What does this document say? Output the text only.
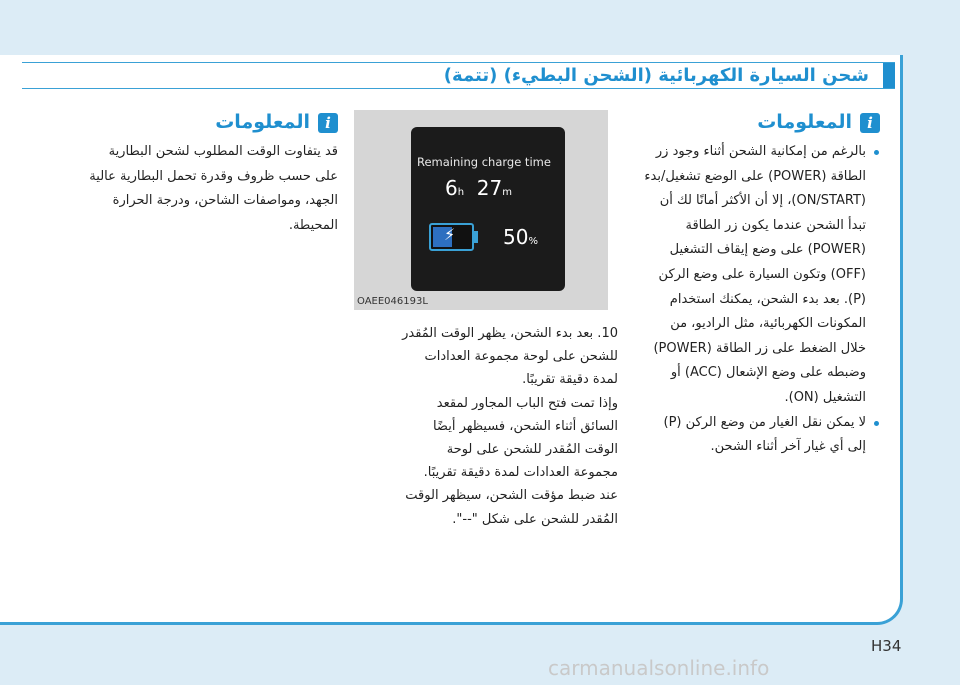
شحن السيارة الكهربائية (الشحن البطيء) (تتمة)
i
المعلومات
بالرغم من إمكانية الشحن أثناء وجود زر الطاقة (POWER) على الوضع تشغيل/بدء (ON/START)، إلا أن الأكثر أمانًا لك أن تبدأ الشحن عندما يكون زر الطاقة (POWER) على وضع إيقاف التشغيل (OFF) وتكون السيارة على وضع الركن (P). بعد بدء الشحن، يمكنك استخدام المكونات الكهربائية، مثل الراديو، من خلال الضغط على زر الطاقة (POWER) وضبطه على وضع الإشعال (ACC) أو التشغيل (ON).
لا يمكن نقل الغيار من وضع الركن (P) إلى أي غيار آخر أثناء الشحن.
Remaining charge time
6h 27m
⚡ 50%
OAEE046193L
10. بعد بدء الشحن، يظهر الوقت المُقدر للشحن على لوحة مجموعة العدادات لمدة دقيقة تقريبًا.
وإذا تمت فتح الباب المجاور لمقعد السائق أثناء الشحن، فسيظهر أيضًا الوقت المُقدر للشحن على لوحة مجموعة العدادات لمدة دقيقة تقريبًا.
عند ضبط مؤقت الشحن، سيظهر الوقت المُقدر للشحن على شكل "--".
i
المعلومات
قد يتفاوت الوقت المطلوب لشحن البطارية على حسب ظروف وقدرة تحمل البطارية عالية الجهد، ومواصفات الشاحن، ودرجة الحرارة المحيطة.
H34
carmanualsonline.info
